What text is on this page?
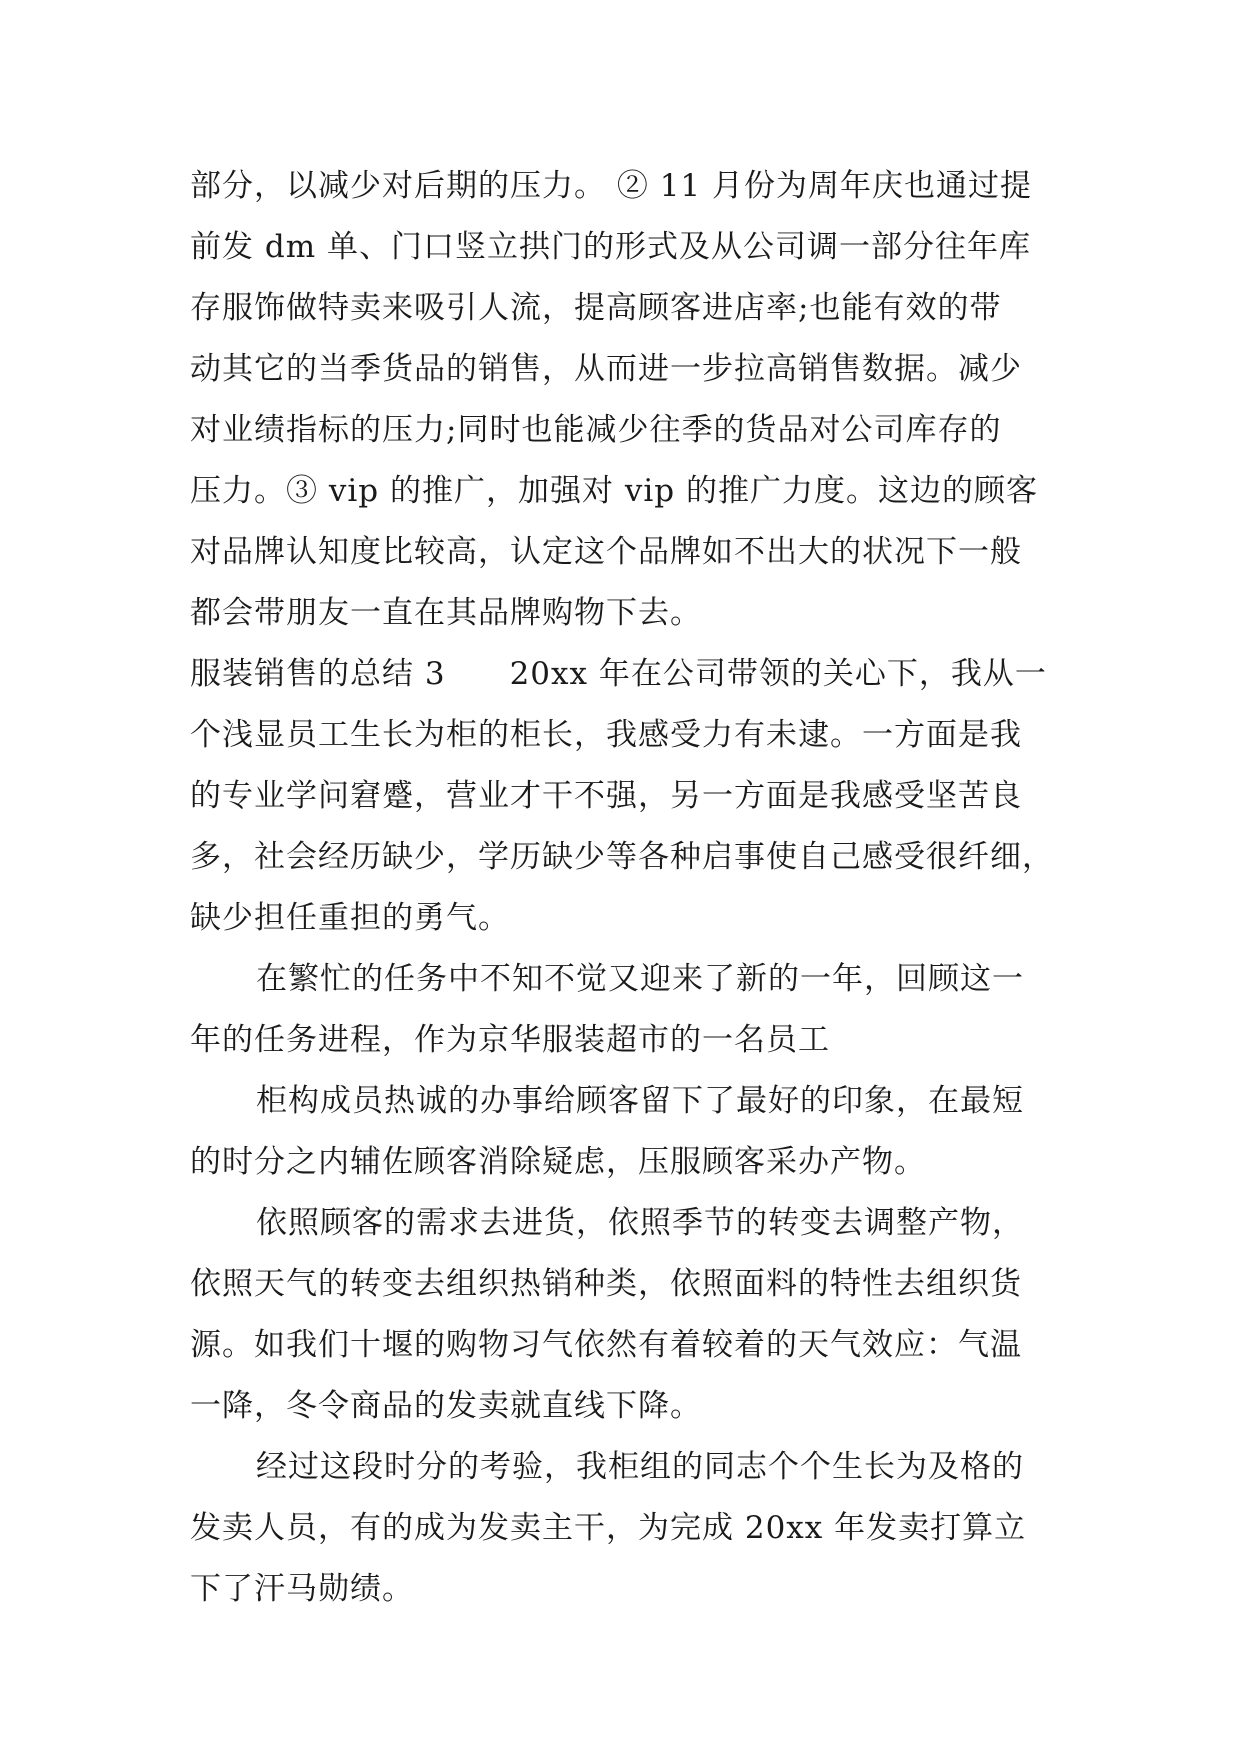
部分，以减少对后期的压力。 ② 11 月份为周年庆也通过提
前发 dm 单、门口竖立拱门的形式及从公司调一部分往年库
存服饰做特卖来吸引人流，提高顾客进店率;也能有效的带
动其它的当季货品的销售，从而进一步拉高销售数据。减少
对业绩指标的压力;同时也能减少往季的货品对公司库存的
压力。③ vip 的推广，加强对 vip 的推广力度。这边的顾客
对品牌认知度比较高，认定这个品牌如不出大的状况下一般
都会带朋友一直在其品牌购物下去。
服装销售的总结 3　　20xx 年在公司带领的关心下，我从一
个浅显员工生长为柜的柜长，我感受力有未逮。一方面是我
的专业学问窘蹙，营业才干不强，另一方面是我感受坚苦良
多，社会经历缺少，学历缺少等各种启事使自己感受很纤细，
缺少担任重担的勇气。
在繁忙的任务中不知不觉又迎来了新的一年，回顾这一
年的任务进程，作为京华服装超市的一名员工
柜构成员热诚的办事给顾客留下了最好的印象，在最短
的时分之内辅佐顾客消除疑虑，压服顾客采办产物。
依照顾客的需求去进货，依照季节的转变去调整产物，
依照天气的转变去组织热销种类，依照面料的特性去组织货
源。如我们十堰的购物习气依然有着较着的天气效应：气温
一降，冬令商品的发卖就直线下降。
经过这段时分的考验，我柜组的同志个个生长为及格的
发卖人员，有的成为发卖主干，为完成 20xx 年发卖打算立
下了汗马勋绩。
